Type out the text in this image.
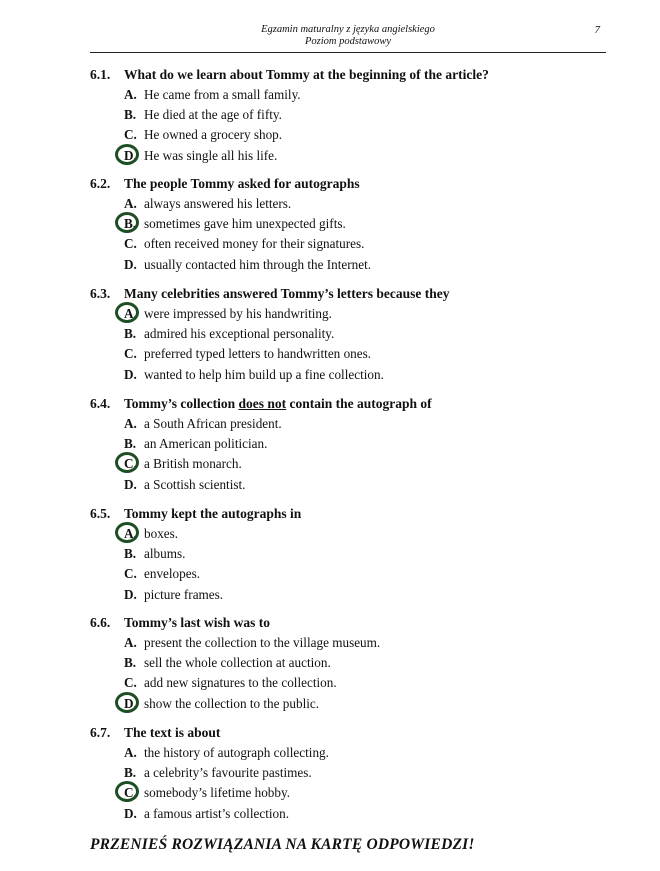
Egzamin maturalny z języka angielskiego
Poziom podstawowy
7
6.1. What do we learn about Tommy at the beginning of the article?
A. He came from a small family.
B. He died at the age of fifty.
C. He owned a grocery shop.
D. He was single all his life.
6.2. The people Tommy asked for autographs
A. always answered his letters.
B. sometimes gave him unexpected gifts.
C. often received money for their signatures.
D. usually contacted him through the Internet.
6.3. Many celebrities answered Tommy’s letters because they
A. were impressed by his handwriting.
B. admired his exceptional personality.
C. preferred typed letters to handwritten ones.
D. wanted to help him build up a fine collection.
6.4. Tommy’s collection does not contain the autograph of
A. a South African president.
B. an American politician.
C. a British monarch.
D. a Scottish scientist.
6.5. Tommy kept the autographs in
A. boxes.
B. albums.
C. envelopes.
D. picture frames.
6.6. Tommy’s last wish was to
A. present the collection to the village museum.
B. sell the whole collection at auction.
C. add new signatures to the collection.
D. show the collection to the public.
6.7. The text is about
A. the history of autograph collecting.
B. a celebrity’s favourite pastimes.
C. somebody’s lifetime hobby.
D. a famous artist’s collection.
PRZENIEŚ ROZWIĄZANIA NA KARTĘ ODPOWIEDZI!
